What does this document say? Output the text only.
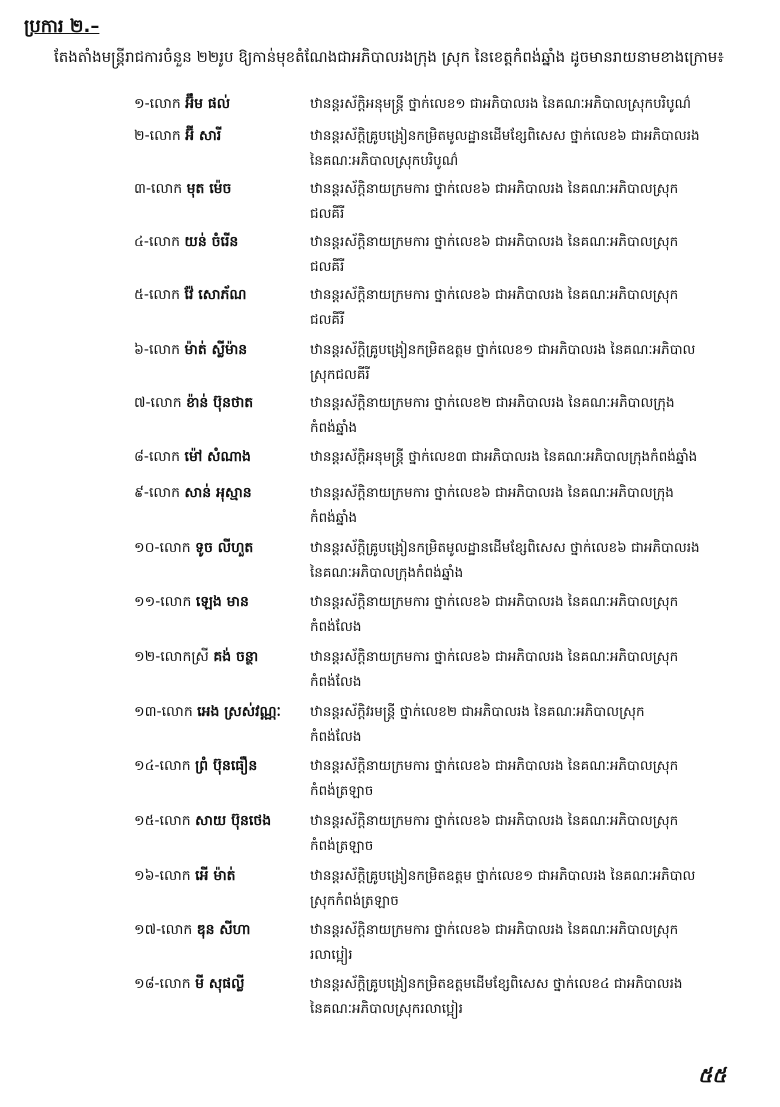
ប្រការ ២.–
តែងតាំងមន្ត្រីរាជការចំនួន ២២រូប ឱ្យកាន់មុខតំណែងជាអភិបាលរងក្រុង ស្រុក នៃខេត្តកំពង់ឆ្នាំង ដូចមានរាយនាមខាងក្រោម៖
១-លោក អ៊ឹម ផល់	ឋានន្តរស័ក្តិអនុមន្ត្រី ថ្នាក់លេខ១ ជាអភិបាលរង នៃគណៈអភិបាលស្រុកបរិបូណ៌
២-លោក អ៊ី សារី	ឋានន្តរស័ក្តិគ្រូបង្រៀនកម្រិតមូលដ្ឋានដើមខ្សែពិសេស ថ្នាក់លេខ៦ ជាអភិបាលរង
នៃគណៈអភិបាលស្រុកបរិបូណ៌
៣-លោក មុត ម៉េច	ឋានន្តរស័ក្តិនាយក្រមការ ថ្នាក់លេខ៦ ជាអភិបាលរង នៃគណៈអភិបាលស្រុក
ជលគីរី
៤-លោក យន់ ចំរើន	ឋានន្តរស័ក្តិនាយក្រមការ ថ្នាក់លេខ៦ ជាអភិបាលរង នៃគណៈអភិបាលស្រុក
ជលគីរី
៥-លោក វ៉ែ សោភ័ណ	ឋានន្តរស័ក្តិនាយក្រមការ ថ្នាក់លេខ៦ ជាអភិបាលរង នៃគណៈអភិបាលស្រុក
ជលគីរី
៦-លោក ម៉ាត់ ស្លីម៉ាន	ឋានន្តរស័ក្តិគ្រូបង្រៀនកម្រិតឧត្តម ថ្នាក់លេខ១ ជាអភិបាលរង នៃគណៈអភិបាល
ស្រុកជលគីរី
៧-លោក ខ៉ាន់ ប៊ុនថាត	ឋានន្តរស័ក្តិនាយក្រមការ ថ្នាក់លេខ២ ជាអភិបាលរង នៃគណៈអភិបាលក្រុង
កំពង់ឆ្នាំង
៨-លោក ម៉ៅ សំណាង	ឋានន្តរស័ក្តិអនុមន្ត្រី ថ្នាក់លេខ៣ ជាអភិបាលរង នៃគណៈអភិបាលក្រុងកំពង់ឆ្នាំង
៩-លោក សាន់ អុស្មាន	ឋានន្តរស័ក្តិនាយក្រមការ ថ្នាក់លេខ៦ ជាអភិបាលរង នៃគណៈអភិបាលក្រុង
កំពង់ឆ្នាំង
១០-លោក ទូច លីហួត	ឋានន្តរស័ក្តិគ្រូបង្រៀនកម្រិតមូលដ្ឋានដើមខ្សែពិសេស ថ្នាក់លេខ៦ ជាអភិបាលរង
នៃគណៈអភិបាលក្រុងកំពង់ឆ្នាំង
១១-លោក ឡេង មាន	ឋានន្តរស័ក្តិនាយក្រមការ ថ្នាក់លេខ៦ ជាអភិបាលរង នៃគណៈអភិបាលស្រុក
កំពង់លែង
១២-លោកស្រី គង់ ចន្ថា	ឋានន្តរស័ក្តិនាយក្រមការ ថ្នាក់លេខ៦ ជាអភិបាលរង នៃគណៈអភិបាលស្រុក
កំពង់លែង
១៣-លោក អេង ស្រស់វណ្ណៈ	ឋានន្តរស័ក្តិវរមន្ត្រី ថ្នាក់លេខ២ ជាអភិបាលរង នៃគណៈអភិបាលស្រុក
កំពង់លែង
១៤-លោក ព្រំ ប៊ុនធឿន	ឋានន្តរស័ក្តិនាយក្រមការ ថ្នាក់លេខ៦ ជាអភិបាលរង នៃគណៈអភិបាលស្រុក
កំពង់ត្រឡាច
១៥-លោក សាយ ប៊ុនថេង	ឋានន្តរស័ក្តិនាយក្រមការ ថ្នាក់លេខ៦ ជាអភិបាលរង នៃគណៈអភិបាលស្រុក
កំពង់ត្រឡាច
១៦-លោក អើ ម៉ាត់	ឋានន្តរស័ក្តិគ្រូបង្រៀនកម្រិតឧត្តម ថ្នាក់លេខ១ ជាអភិបាលរង នៃគណៈអភិបាល
ស្រុកកំពង់ត្រឡាច
១៧-លោក ឌុន សីហា	ឋានន្តរស័ក្តិនាយក្រមការ ថ្នាក់លេខ៦ ជាអភិបាលរង នៃគណៈអភិបាលស្រុក
រលាប្អៀរ
១៨-លោក មី សុផល្លី	ឋានន្តរស័ក្តិគ្រូបង្រៀនកម្រិតឧត្តមដើមខ្សែពិសេស ថ្នាក់លេខ៤ ជាអភិបាលរង
នៃគណៈអភិបាលស្រុករលាប្អៀរ
៥៥
